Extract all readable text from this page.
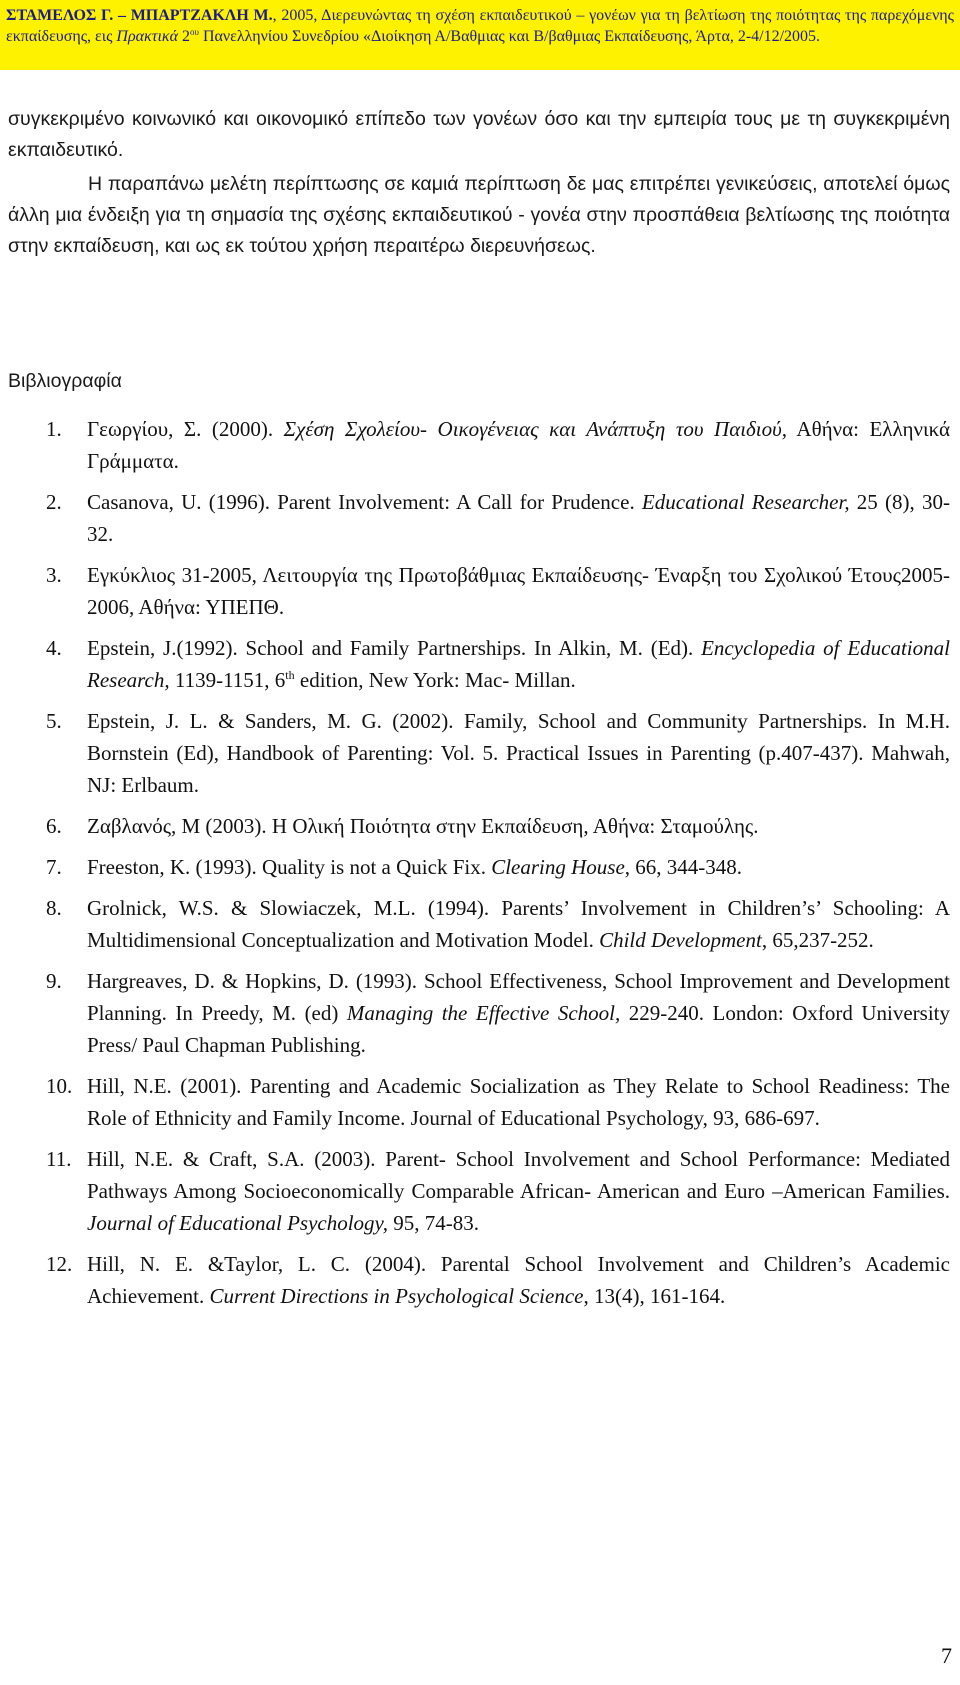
ΣΤΑΜΕΛΟΣ Γ. – ΜΠΑΡΤΖΑΚΛΗ Μ., 2005, Διερευνώντας τη σχέση εκπαιδευτικού – γονέων για τη βελτίωση της ποιότητας της παρεχόμενης εκπαίδευσης, εις Πρακτικά $2^{o\upsilon}$ Πανελληνίου Συνεδρίου «Διοίκηση Α/Βαθμιας και Β/βαθμιας Εκπαίδευσης, Άρτα, 2-4/12/2005.

συγκεκριμένο κοινωνικό και οικονομικό επίπεδο των γονέων όσο και την εμπειρία τους με τη συγκεκριμένη εκπαιδευτικό.

Η παραπάνω μελέτη περίπτωσης σε καμιά περίπτωση δε μας επιτρέπει γενικεύσεις, αποτελεί όμως άλλη μια ένδειξη για τη σημασία της σχέσης εκπαιδευτικού - γονέα στην προσπάθεια βελτίωσης της ποιότητα στην εκπαίδευση, και ως εκ τούτου χρήση περαιτέρω διερευνήσεως.

Βιβλιογραφία
1.	Γεωργίου, Σ. (2000). Σχέση Σχολείου- Οικογένειας και Ανάπτυξη του Παιδιού, Αθήνα: Ελληνικά Γράμματα.
2.	Casanova, U. (1996). Parent Involvement: A Call for Prudence. Educational Researcher, 25 (8), 30-32.
3.	Εγκύκλιος 31-2005, Λειτουργία της Πρωτοβάθμιας Εκπαίδευσης- Έναρξη του Σχολικού Έτους2005-2006, Αθήνα: ΥΠΕΠΘ.
4.	Epstein, J.(1992). School and Family Partnerships. In Alkin, M. (Ed). Encyclopedia of Educational Research, 1139-1151, 6th edition, New York: Mac- Millan.
5.	Epstein, J. L. & Sanders, M. G. (2002). Family, School and Community Partnerships. In M.H. Bornstein (Ed), Handbook of Parenting: Vol. 5. Practical Issues in Parenting (p.407-437). Mahwah, NJ: Erlbaum.
6.	Ζαβλανός, Μ (2003). Η Ολική Ποιότητα στην Εκπαίδευση, Αθήνα: Σταμούλης.
7.	Freeston, K. (1993). Quality is not a Quick Fix. Clearing House, 66, 344-348.
8.	Grolnick, W.S. & Slowiaczek, M.L. (1994). Parents’ Involvement in Children’s’ Schooling: A Multidimensional Conceptualization and Motivation Model. Child Development, 65,237-252.
9.	Hargreaves, D. & Hopkins, D. (1993). School Effectiveness, School Improvement and Development Planning. In Preedy, M. (ed) Managing the Effective School, 229-240. London: Oxford University Press/ Paul Chapman Publishing.
10. Hill, N.E. (2001). Parenting and Academic Socialization as They Relate to School Readiness: The Role of Ethnicity and Family Income. Journal of Educational Psychology, 93, 686-697.
11. Hill, N.E. & Craft, S.A. (2003). Parent- School Involvement and School Performance: Mediated Pathways Among Socioeconomically Comparable African- American and Euro –American Families. Journal of Educational Psychology, 95, 74-83.
12. Hill, N. E. &Taylor, L. C. (2004). Parental School Involvement and Children’s Academic Achievement. Current Directions in Psychological Science, 13(4), 161-164.
7
